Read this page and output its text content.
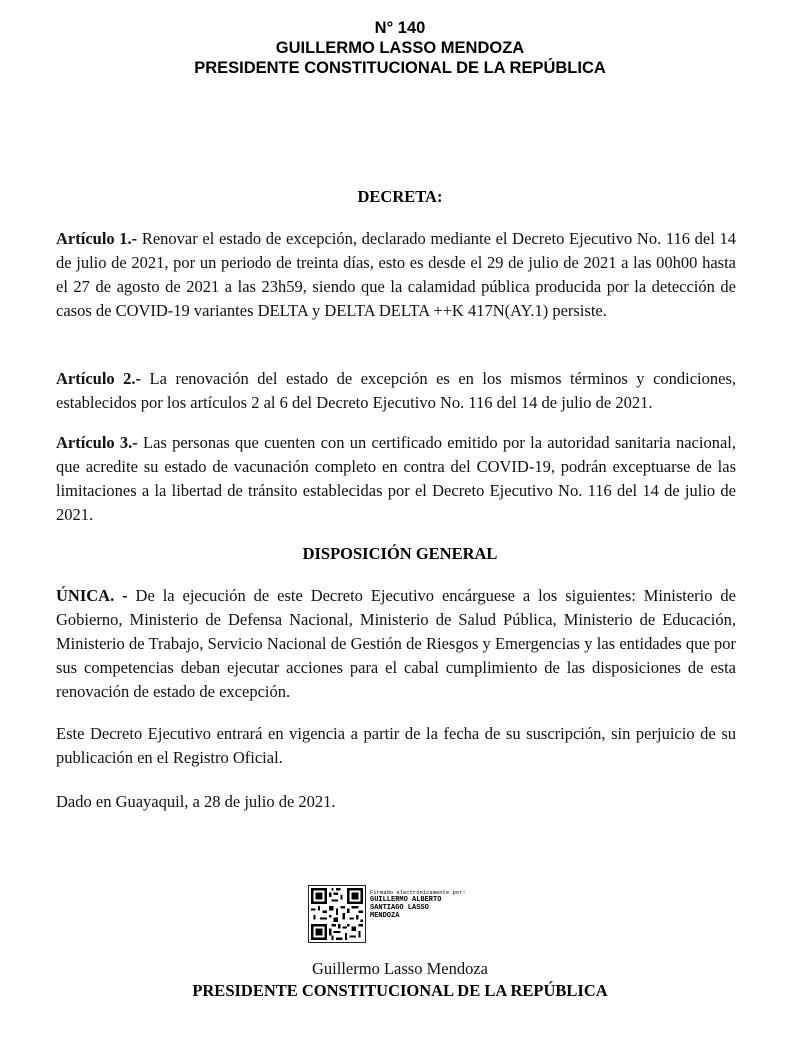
N° 140
GUILLERMO LASSO MENDOZA
PRESIDENTE CONSTITUCIONAL DE LA REPÚBLICA
DECRETA:

Artículo 1.- Renovar el estado de excepción, declarado mediante el Decreto Ejecutivo No. 116 del 14 de julio de 2021, por un periodo de treinta días, esto es desde el 29 de julio de 2021 a las 00h00 hasta el 27 de agosto de 2021 a las 23h59, siendo que la calamidad pública producida por la detección de casos de COVID-19 variantes DELTA y DELTA DELTA ++K 417N(AY.1) persiste.

Artículo 2.- La renovación del estado de excepción es en los mismos términos y condiciones, establecidos por los artículos 2 al 6 del Decreto Ejecutivo No. 116 del 14 de julio de 2021.

Artículo 3.- Las personas que cuenten con un certificado emitido por la autoridad sanitaria nacional, que acredite su estado de vacunación completo en contra del COVID-19, podrán exceptuarse de las limitaciones a la libertad de tránsito establecidas por el Decreto Ejecutivo No. 116 del 14 de julio de 2021.

DISPOSICIÓN GENERAL

ÚNICA. - De la ejecución de este Decreto Ejecutivo encárguese a los siguientes: Ministerio de Gobierno, Ministerio de Defensa Nacional, Ministerio de Salud Pública, Ministerio de Educación, Ministerio de Trabajo, Servicio Nacional de Gestión de Riesgos y Emergencias y las entidades que por sus competencias deban ejecutar acciones para el cabal cumplimiento de las disposiciones de esta renovación de estado de excepción.

Este Decreto Ejecutivo entrará en vigencia a partir de la fecha de su suscripción, sin perjuicio de su publicación en el Registro Oficial.

Dado en Guayaquil, a 28 de julio de 2021.

Firmado electrónicamente por:
GUILLERMO ALBERTO
SANTIAGO LASSO
MENDOZA
Guillermo Lasso Mendoza
PRESIDENTE CONSTITUCIONAL DE LA REPÚBLICA
